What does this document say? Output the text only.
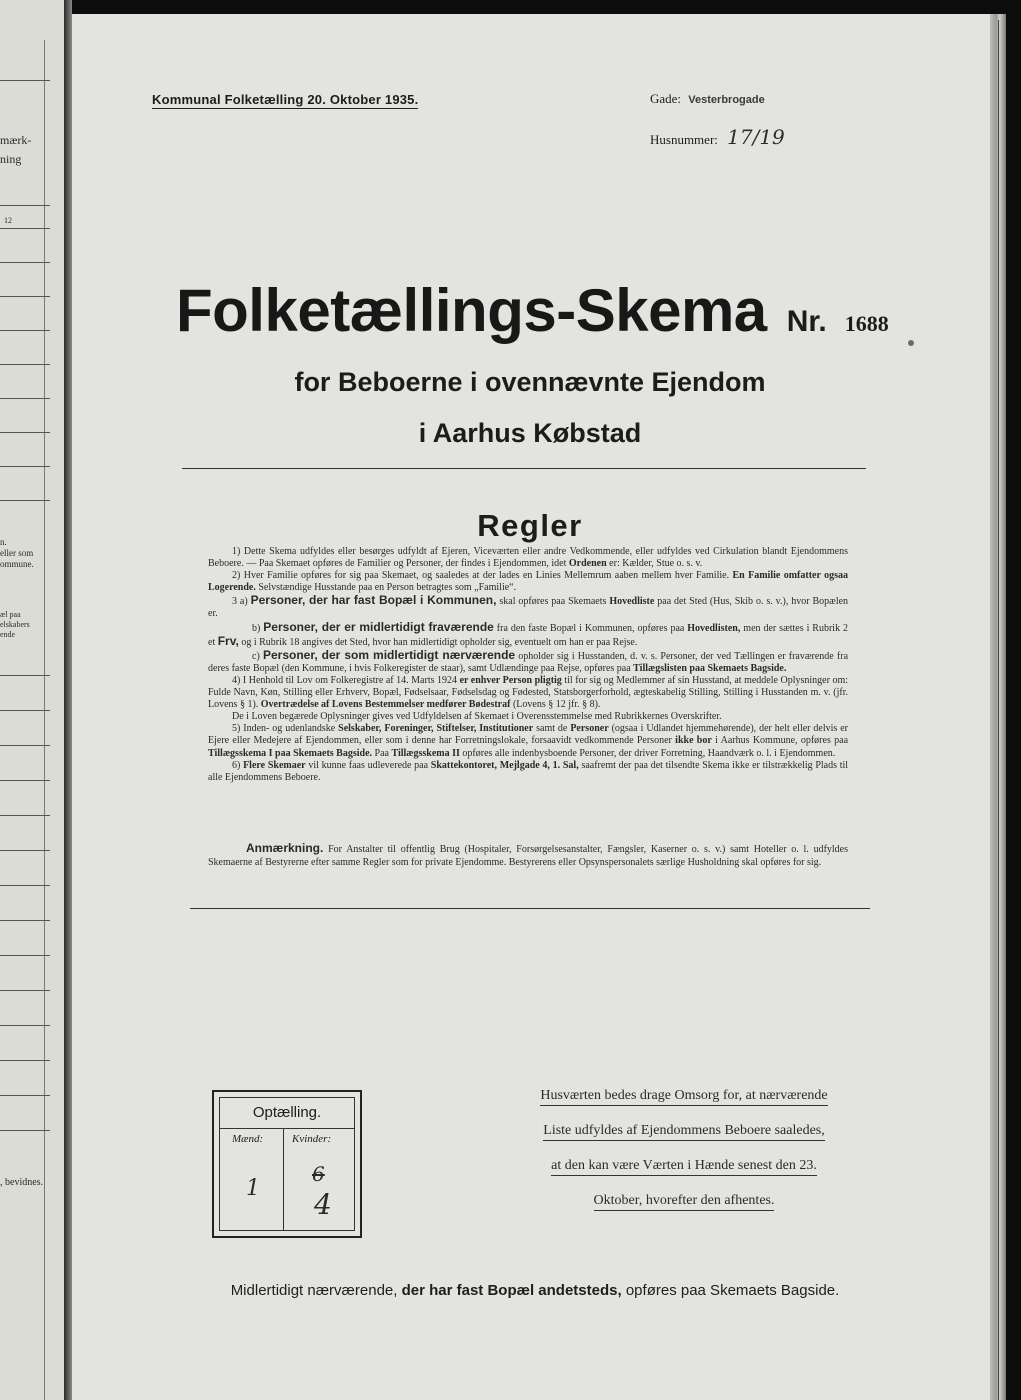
mærk-
ning
12
n.
eller som
ommune.
æl paa
elskabers
ende
, bevidnes.
Kommunal Folketælling 20. Oktober 1935.	Gade: Vesterbrogade
Husnummer: 17/19
Folketællings-Skema Nr. 1688
for Beboerne i ovennævnte Ejendom
i Aarhus Købstad
Regler

1) Dette Skema udfyldes eller besørges udfyldt af Ejeren, Viceværten eller andre Vedkommende, eller udfyldes ved Cirkulation blandt Ejendommens Beboere. — Paa Skemaet opføres de Familier og Personer, der findes i Ejendommen, idet Ordenen er: Kælder, Stue o. s. v.

2) Hver Familie opføres for sig paa Skemaet, og saaledes at der lades en Linies Mellemrum aaben mellem hver Familie. En Familie omfatter ogsaa Logerende. Selvstændige Husstande paa en Person betragtes som „Familie“.

3 a) Personer, der har fast Bopæl i Kommunen, skal opføres paa Skemaets Hovedliste paa det Sted (Hus, Skib o. s. v.), hvor Bopælen er.

b) Personer, der er midlertidigt fraværende fra den faste Bopæl i Kommunen, opføres paa Hovedlisten, men der sættes i Rubrik 2 et Frv, og i Rubrik 18 angives det Sted, hvor han midlertidigt opholder sig, eventuelt om han er paa Rejse.

c) Personer, der som midlertidigt nærværende opholder sig i Husstanden, d. v. s. Personer, der ved Tællingen er fraværende fra deres faste Bopæl (den Kommune, i hvis Folkeregister de staar), samt Udlændinge paa Rejse, opføres paa Tillægslisten paa Skemaets Bagside.

4) I Henhold til Lov om Folkeregistre af 14. Marts 1924 er enhver Person pligtig til for sig og Medlemmer af sin Husstand, at meddele Oplysninger om: Fulde Navn, Køn, Stilling eller Erhverv, Bopæl, Fødselsaar, Fødselsdag og Fødested, Statsborgerforhold, ægteskabelig Stilling, Stilling i Husstanden m. v. (jfr. Lovens § 1). Overtrædelse af Lovens Bestemmelser medfører Bødestraf (Lovens § 12 jfr. § 8).

De i Loven begærede Oplysninger gives ved Udfyldelsen af Skemaet i Overensstemmelse med Rubrikkernes Overskrifter.

5) Inden- og udenlandske Selskaber, Foreninger, Stiftelser, Institutioner samt de Personer (ogsaa i Udlandet hjemmehørende), der helt eller delvis er Ejere eller Medejere af Ejendommen, eller som i denne har Forretningslokale, forsaavidt vedkommende Personer ikke bor i Aarhus Kommune, opføres paa Tillægsskema I paa Skemaets Bagside. Paa Tillægsskema II opføres alle indenbysboende Personer, der driver Forretning, Haandværk o. l. i Ejendommen.

6) Flere Skemaer vil kunne faas udleverede paa Skattekontoret, Mejlgade 4, 1. Sal, saafremt der paa det tilsendte Skema ikke er tilstrækkelig Plads til alle Ejendommens Beboere.

Anmærkning. For Anstalter til offentlig Brug (Hospitaler, Forsørgelsesanstalter, Fængsler, Kaserner o. s. v.) samt Hoteller o. l. udfyldes Skemaerne af Bestyrerne efter samme Regler som for private Ejendomme. Bestyrerens eller Opsynspersonalets særlige Husholdning skal opføres for sig.
Optælling.
Mænd:	Kvinder:
1
6
4
Husværten bedes drage Omsorg for, at nærværende
Liste udfyldes af Ejendommens Beboere saaledes,
at den kan være Værten i Hænde senest den 23.
Oktober, hvorefter den afhentes.
Midlertidigt nærværende, der har fast Bopæl andetsteds, opføres paa Skemaets Bagside.
